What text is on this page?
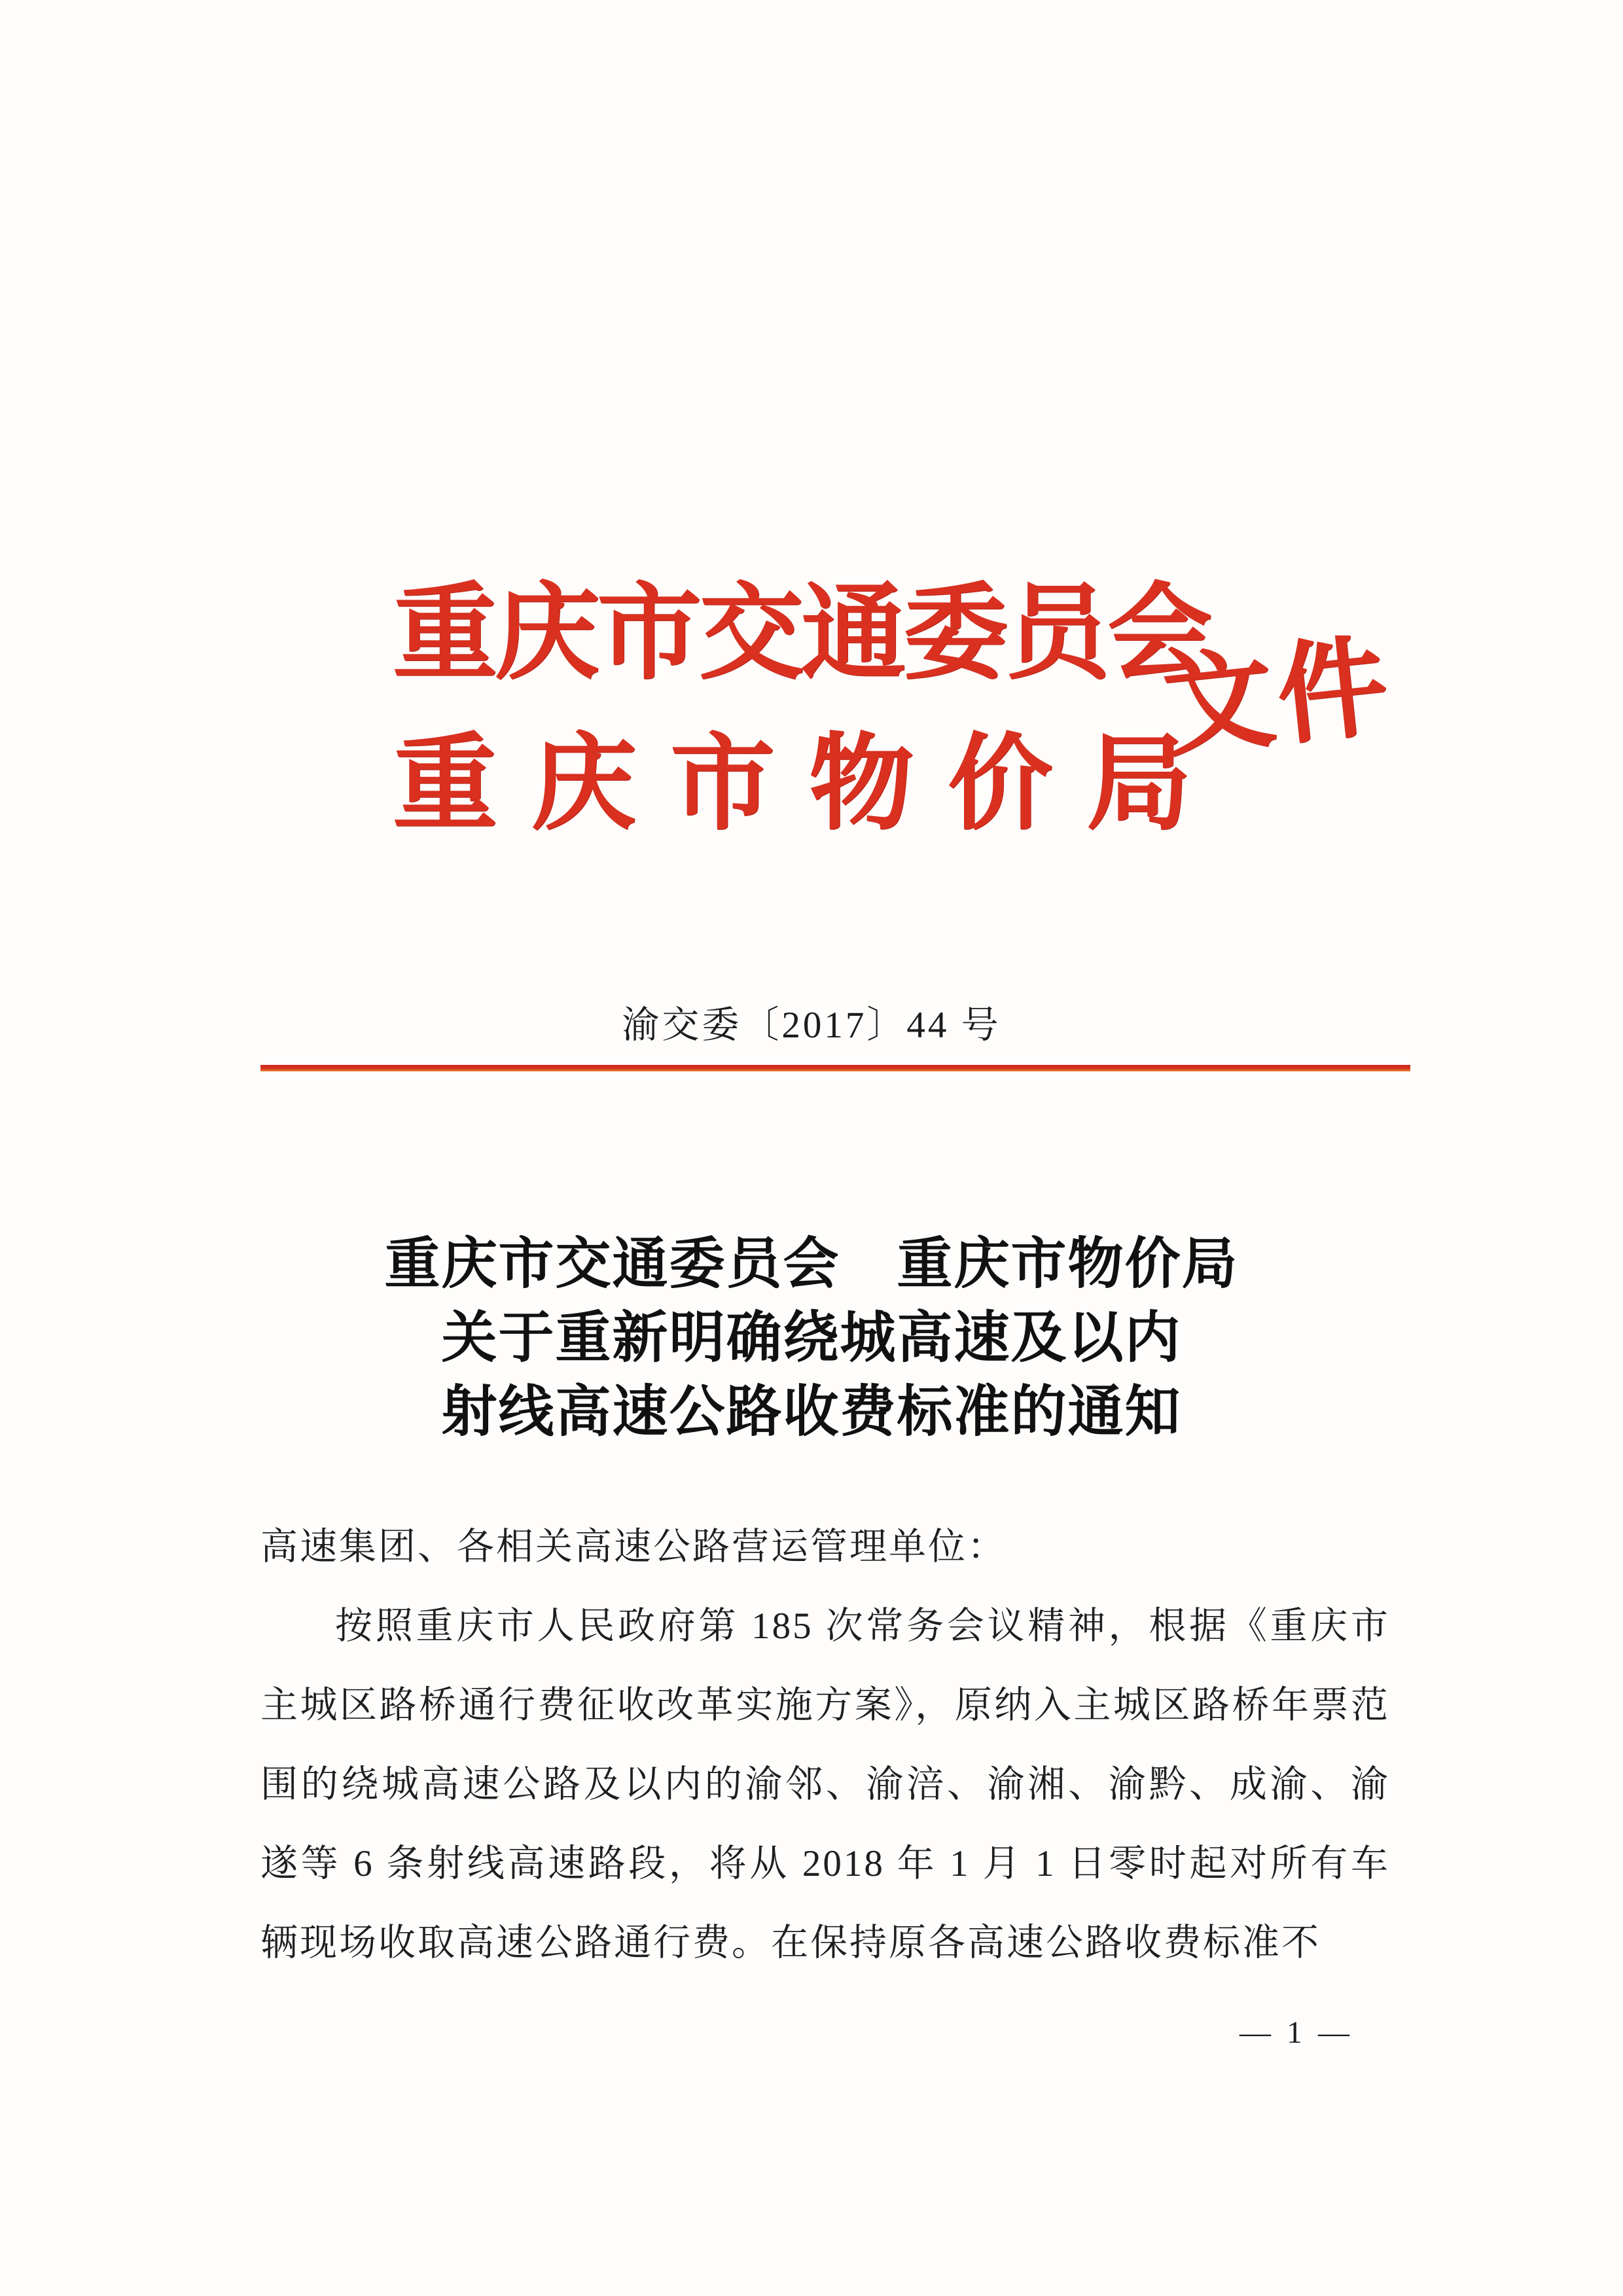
重庆市交通委员会
重庆市物价局
文件
渝交委〔2017〕44 号
重庆市交通委员会　重庆市物价局
关于重新明确绕城高速及以内
射线高速公路收费标准的通知

高速集团、各相关高速公路营运管理单位：

按照重庆市人民政府第 185 次常务会议精神，根据《重庆市主城区路桥通行费征收改革实施方案》，原纳入主城区路桥年票范围的绕城高速公路及以内的渝邻、渝涪、渝湘、渝黔、成渝、渝遂等 6 条射线高速路段，将从 2018 年 1 月 1 日零时起对所有车辆现场收取高速公路通行费。在保持原各高速公路收费标准不

— 1 —
